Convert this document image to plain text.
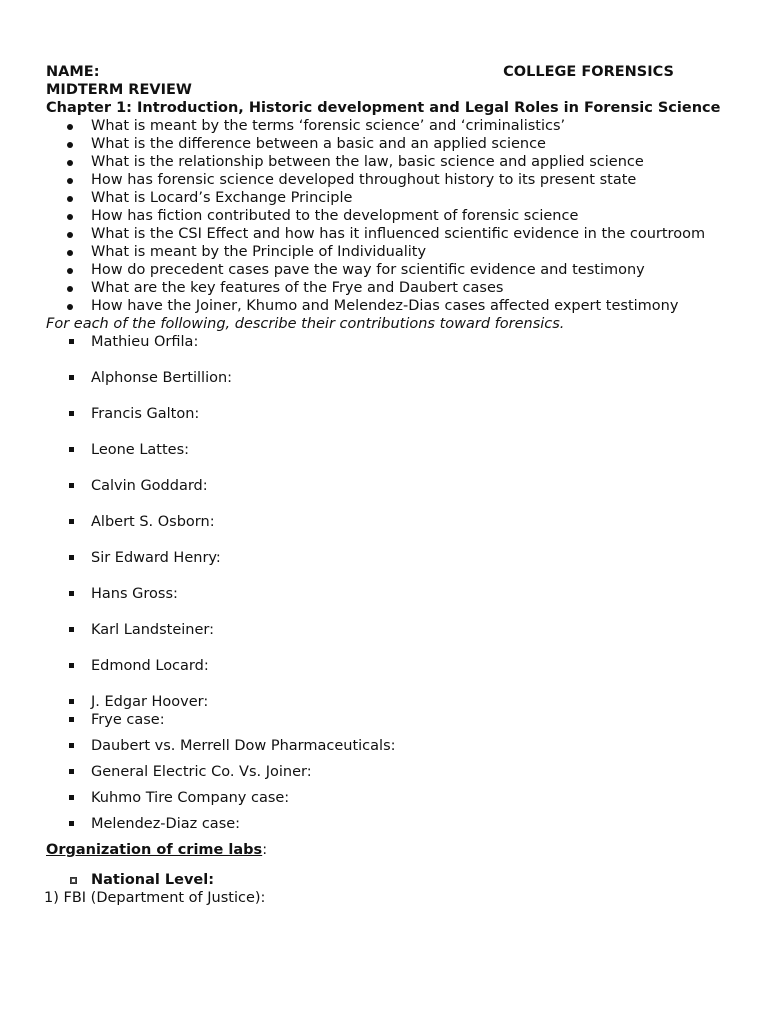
NAME:	COLLEGE FORENSICS
MIDTERM REVIEW
Chapter 1: Introduction, Historic development and Legal Roles in Forensic Science
What is meant by the terms ‘forensic science’ and ‘criminalistics’
What is the difference between a basic and an applied science
What is the relationship between the law, basic science and applied science
How has forensic science developed throughout history to its present state
What is Locard’s Exchange Principle
How has fiction contributed to the development of forensic science
What is the CSI Effect and how has it influenced scientific evidence in the courtroom
What is meant by the Principle of Individuality
How do precedent cases pave the way for scientific evidence and testimony
What are the key features of the Frye and Daubert cases
How have the Joiner, Khumo and Melendez-Dias cases affected expert testimony
For each of the following, describe their contributions toward forensics.
Mathieu Orfila:
Alphonse Bertillion:
Francis Galton:
Leone Lattes:
Calvin Goddard:
Albert S. Osborn:
Sir Edward Henry:
Hans Gross:
Karl Landsteiner:
Edmond Locard:
J. Edgar Hoover:
Frye case:
Daubert vs. Merrell Dow Pharmaceuticals:
General Electric Co. Vs. Joiner:
Kuhmo Tire Company case:
Melendez-Diaz case:
Organization of crime labs:
National Level:
1) FBI (Department of Justice):
